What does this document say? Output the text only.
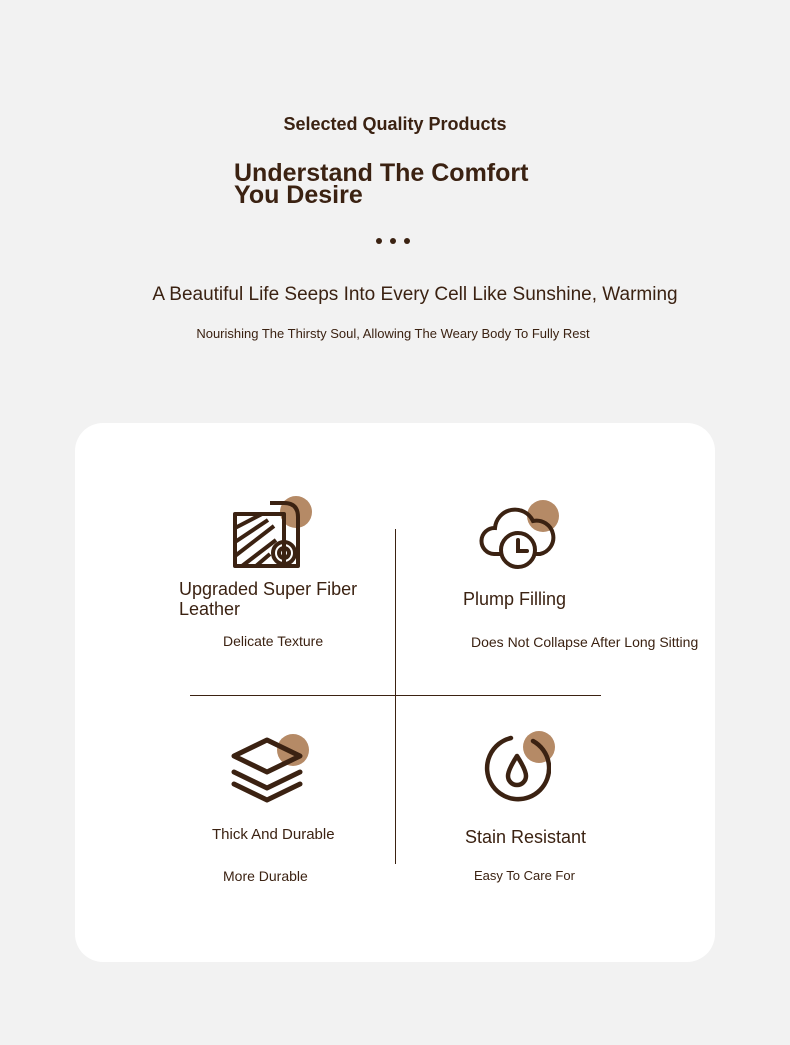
Selected Quality Products
Understand The Comfort
You Desire
A Beautiful Life Seeps Into Every Cell Like Sunshine, Warming
Nourishing The Thirsty Soul, Allowing The Weary Body To Fully Rest
Upgraded Super Fiber Leather
Delicate Texture
Plump Filling
Does Not Collapse After Long Sitting
Thick And Durable
More Durable
Stain Resistant
Easy To Care For
